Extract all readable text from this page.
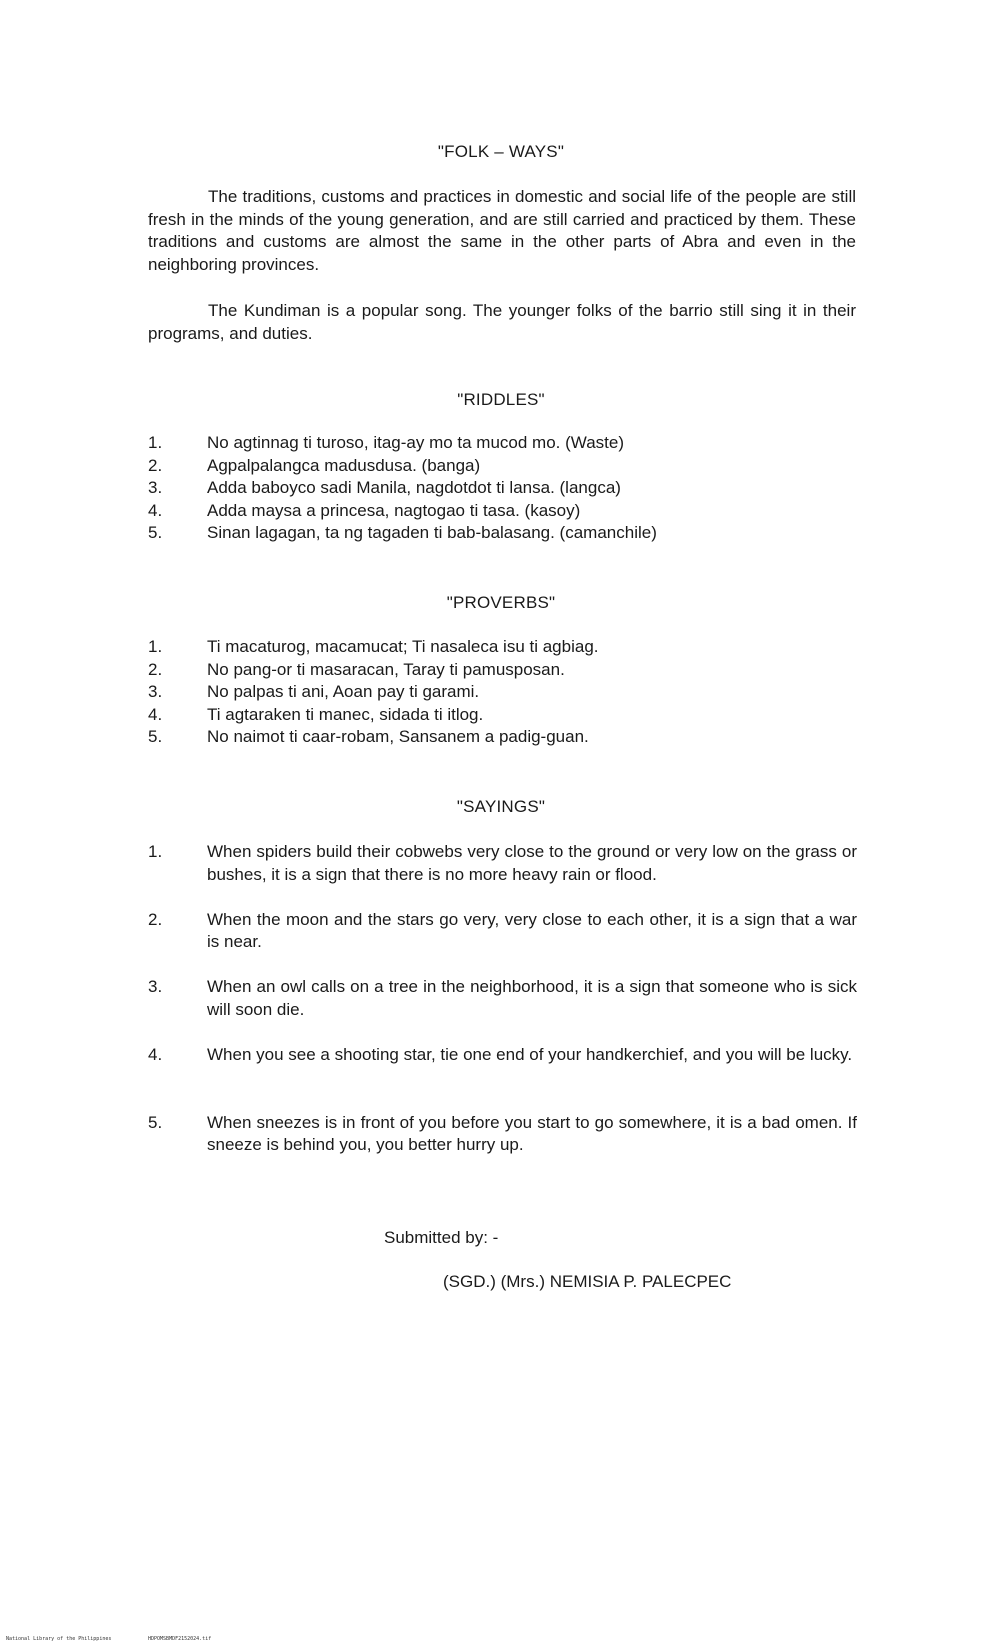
"FOLK – WAYS"
The traditions, customs and practices in domestic and social life of the people are still fresh in the minds of the young generation, and are still carried and practiced by them. These traditions and customs are almost the same in the other parts of Abra and even in the neighboring provinces.
The Kundiman is a popular song. The younger folks of the barrio still sing it in their programs, and duties.
"RIDDLES"
1.	No agtinnag ti turoso, itag-ay mo ta mucod mo. (Waste)
2.	Agpalpalangca madusdusa. (banga)
3.	Adda baboyco sadi Manila, nagdotdot ti lansa. (langca)
4.	Adda maysa a princesa, nagtogao ti tasa. (kasoy)
5.	Sinan lagagan, ta ng tagaden ti bab-balasang. (camanchile)
"PROVERBS"
1.	Ti macaturog, macamucat; Ti nasaleca isu ti agbiag.
2.	No pang-or ti masaracan, Taray ti pamusposan.
3.	No palpas ti ani, Aoan pay ti garami.
4.	Ti agtaraken ti manec, sidada ti itlog.
5.	No naimot ti caar-robam, Sansanem a padig-guan.
"SAYINGS"
1.	When spiders build their cobwebs very close to the ground or very low on the grass or bushes, it is a sign that there is no more heavy rain or flood.
2.	When the moon and the stars go very, very close to each other, it is a sign that a war is near.
3.	When an owl calls on a tree in the neighborhood, it is a sign that someone who is sick will soon die.
4.	When you see a shooting star, tie one end of your handkerchief, and you will be lucky.
5.	When sneezes is in front of you before you start to go somewhere, it is a bad omen. If sneeze is behind you, you better hurry up.
Submitted by: -
(SGD.) (Mrs.) NEMISIA P. PALECPEC
National Library of the Philippines	HDPOMSBMDF2152024.tif
